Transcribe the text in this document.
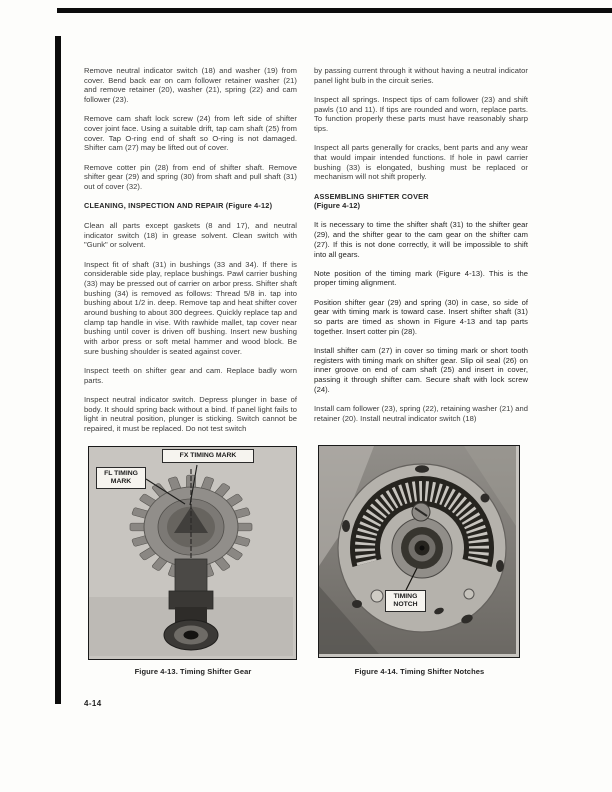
Remove neutral indicator switch (18) and washer (19) from cover. Bend back ear on cam follower retainer washer (21) and remove retainer (20), washer (21), spring (22) and cam follower (23).

Remove cam shaft lock screw (24) from left side of shifter cover joint face. Using a suitable drift, tap cam shaft (25) from cover. Tap O-ring end of shaft so O-ring is not damaged. Shifter cam (27) may be lifted out of cover.

Remove cotter pin (28) from end of shifter shaft. Remove shifter gear (29) and spring (30) from shaft and pull shaft (31) out of cover (32).

CLEANING, INSPECTION AND REPAIR (Figure 4-12)

Clean all parts except gaskets (8 and 17), and neutral indicator switch (18) in grease solvent. Clean switch with "Gunk" or solvent.

Inspect fit of shaft (31) in bushings (33 and 34). If there is considerable side play, replace bushings. Pawl carrier bushing (33) may be pressed out of carrier on arbor press. Shifter shaft bushing (34) is removed as follows: Thread 5/8 in. tap into bushing about 1/2 in. deep. Remove tap and heat shifter cover around bushing to about 300 degrees. Quickly replace tap and clamp tap handle in vise. With rawhide mallet, tap cover near bushing until cover is driven off bushing. Insert new bushing with arbor press or soft metal hammer and wood block. Be sure bushing shoulder is seated against cover.

Inspect teeth on shifter gear and cam. Replace badly worn parts.

Inspect neutral indicator switch. Depress plunger in base of body. It should spring back without a bind. If panel light fails to light in neutral position, plunger is sticking. Switch cannot be repaired, it must be replaced. Do not test switch

by passing current through it without having a neutral indicator panel light bulb in the circuit series.

Inspect all springs. Inspect tips of cam follower (23) and shift pawls (10 and 11). If tips are rounded and worn, replace parts. To function properly these parts must have reasonably sharp tips.

Inspect all parts generally for cracks, bent parts and any wear that would impair intended functions. If hole in pawl carrier bushing (33) is elongated, bushing must be replaced or mechanism will not shift properly.

ASSEMBLING SHIFTER COVER

(Figure 4-12)

It is necessary to time the shifter shaft (31) to the shifter gear (29), and the shifter gear to the cam gear on the shifter cam (27). If this is not done correctly, it will be impossible to shift into all gears.

Note position of the timing mark (Figure 4-13). This is the proper timing alignment.

Position shifter gear (29) and spring (30) in case, so side of gear with timing mark is toward case. Insert shifter shaft (31) so parts are timed as shown in Figure 4-13 and tap parts together. Insert cotter pin (28).

Install shifter cam (27) in cover so timing mark or short tooth registers with timing mark on shifter gear. Slip oil seal (26) on inner groove on end of cam shaft (25) and insert in cover, passing it through shifter cam. Secure shaft with lock screw (24).

Install cam follower (23), spring (22), retaining washer (21) and retainer (20). Install neutral indicator switch (18)

FX TIMING MARK
FL TIMING MARK
Figure 4-13. Timing Shifter Gear
TIMING NOTCH
Figure 4-14. Timing Shifter Notches
4-14
